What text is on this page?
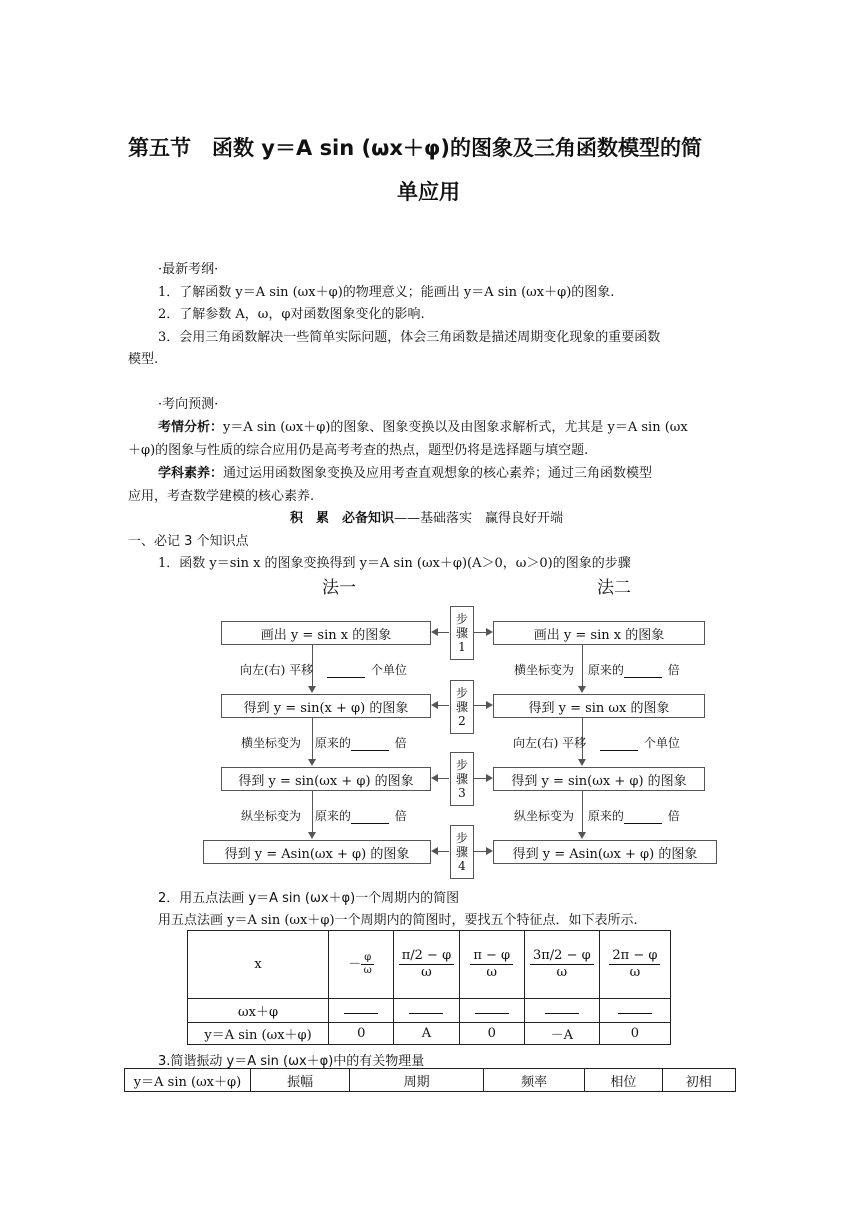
第五节　函数 y＝A sin (ωx＋φ)的图象及三角函数模型的简
单应用
·最新考纲·
1．了解函数 y＝A sin (ωx＋φ)的物理意义；能画出 y＝A sin (ωx＋φ)的图象.
2．了解参数 A，ω，φ对函数图象变化的影响.
3．会用三角函数解决一些简单实际问题，体会三角函数是描述周期变化现象的重要函数
模型.
·考向预测·
考情分析：y＝A sin (ωx＋φ)的图象、图象变换以及由图象求解析式，尤其是 y＝A sin (ωx
＋φ)的图象与性质的综合应用仍是高考考查的热点，题型仍将是选择题与填空题.
学科素养：通过运用函数图象变换及应用考查直观想象的核心素养；通过三角函数模型
应用，考查数学建模的核心素养.
积　累　必备知识——基础落实　赢得良好开端
一、必记 3 个知识点
1．函数 y＝sin x 的图象变换得到 y＝A sin (ωx＋φ)(A＞0，ω＞0)的图象的步骤
法一	法二
画出 y = sin x 的图象
得到 y = sin(x + φ) 的图象
得到 y = sin(ωx + φ) 的图象
得到 y = Asin(ωx + φ) 的图象
画出 y = sin x 的图象
得到 y = sin ωx 的图象
得到 y = sin(ωx + φ) 的图象
得到 y = Asin(ωx + φ) 的图象
步
骤
1
步
骤
2
步
骤
3
步
骤
4
向左(右) 平移	个单位
横坐标变为 原来的	倍
纵坐标变为 原来的	倍
横坐标变为 原来的	倍
向左(右) 平移	个单位
纵坐标变为 原来的	倍
2．用五点法画 y＝A sin (ωx＋φ)一个周期内的简图
用五点法画 y＝A sin (ωx＋φ)一个周期内的简图时，要找五个特征点．如下表所示.
x	－ $\frac{\varphi}{\omega}$	$\frac{\pi/2 - \varphi}{\omega}$	$\frac{\pi - \varphi}{\omega}$	$\frac{3\pi/2 - \varphi}{\omega}$	$\frac{2\pi - \varphi}{\omega}$

ωx＋φ					
y＝A sin (ωx＋φ)	0	A	0	－A	0
3.简谐振动 y＝A sin (ωx＋φ)中的有关物理量
y＝A sin (ωx＋φ)	振幅	周期	频率	相位	初相
